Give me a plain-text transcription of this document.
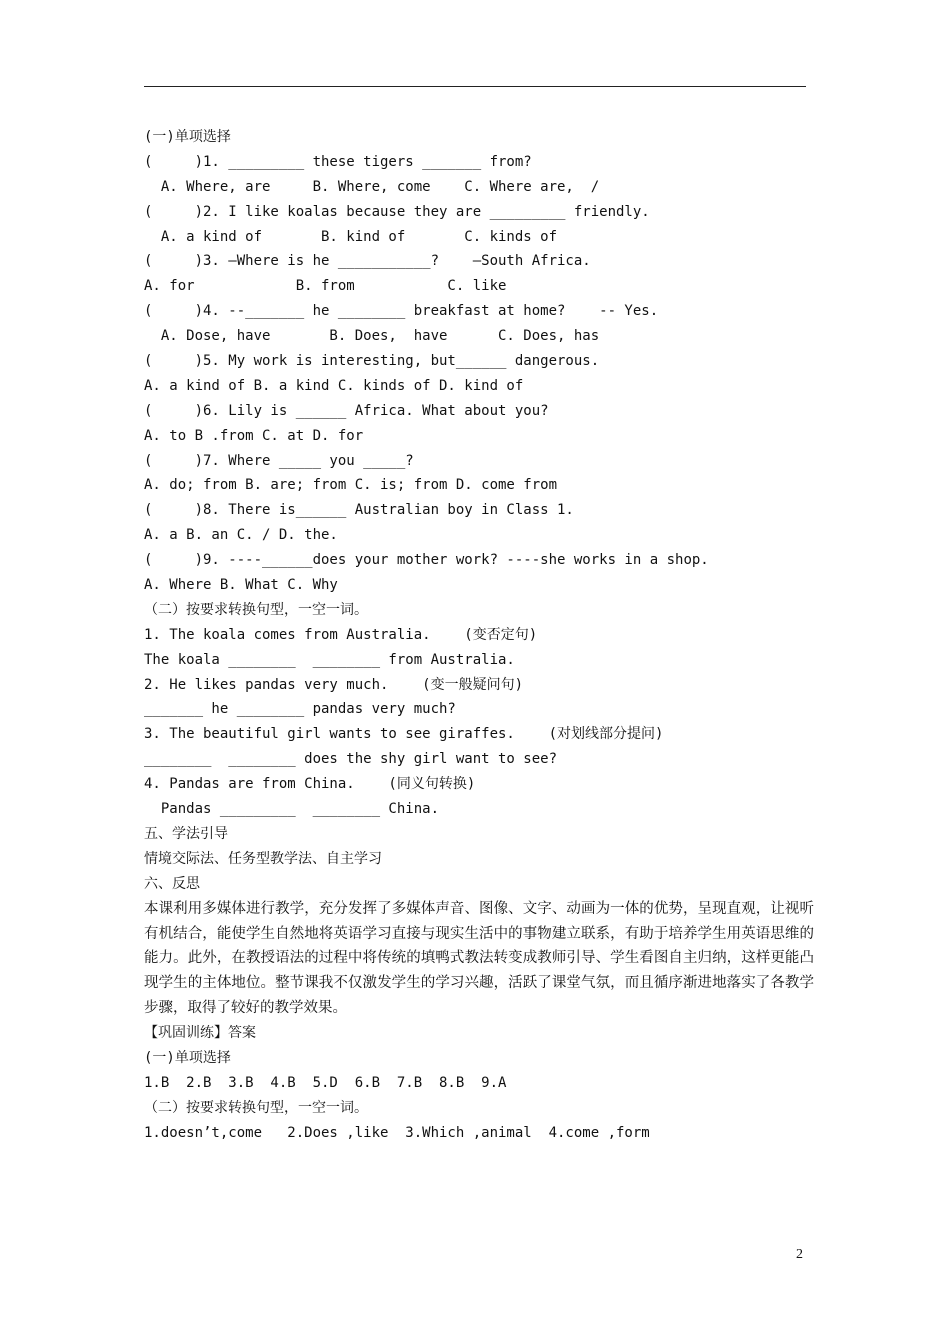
(一)单项选择
(     )1. _________ these tigers _______ from?
A. Where, are     B. Where, come    C. Where are,  /
(     )2. I like koalas because they are _________ friendly.
A. a kind of       B. kind of       C. kinds of
(     )3. —Where is he ___________?    —South Africa.
A. for            B. from           C. like
(     )4. --_______ he ________ breakfast at home?    -- Yes.
A. Dose, have       B. Does,  have      C. Does, has
(     )5. My work is interesting, but______ dangerous.
A. a kind of B. a kind C. kinds of D. kind of
(     )6. Lily is ______ Africa. What about you?
A. to B .from C. at D. for
(     )7. Where _____ you _____?
A. do; from B. are; from C. is; from D. come from
(     )8. There is______ Australian boy in Class 1.
A. a B. an C. / D. the.
(     )9. ----______does your mother work? ----she works in a shop.
A. Where B. What C. Why
（二）按要求转换句型，一空一词。
1. The koala comes from Australia.    (变否定句)
The koala ________  ________ from Australia.
2. He likes pandas very much.    (变一般疑问句)
_______ he ________ pandas very much?
3. The beautiful girl wants to see giraffes.    (对划线部分提问)
________  ________ does the shy girl want to see?
4. Pandas are from China.    (同义句转换)
Pandas _________  ________ China.
五、学法引导
情境交际法、任务型教学法、自主学习
六、反思
本课利用多媒体进行教学，充分发挥了多媒体声音、图像、文字、动画为一体的优势，呈现直观，让视听有机结合，能使学生自然地将英语学习直接与现实生活中的事物建立联系，有助于培养学生用英语思维的能力。此外，在教授语法的过程中将传统的填鸭式教法转变成教师引导、学生看图自主归纳，这样更能凸现学生的主体地位。整节课我不仅激发学生的学习兴趣，活跃了课堂气氛，而且循序渐进地落实了各教学步骤，取得了较好的教学效果。
【巩固训练】答案
(一)单项选择
1.B  2.B  3.B  4.B  5.D  6.B  7.B  8.B  9.A
（二）按要求转换句型，一空一词。
1.doesn’t,come   2.Does ,like  3.Which ,animal  4.come ,form
2
